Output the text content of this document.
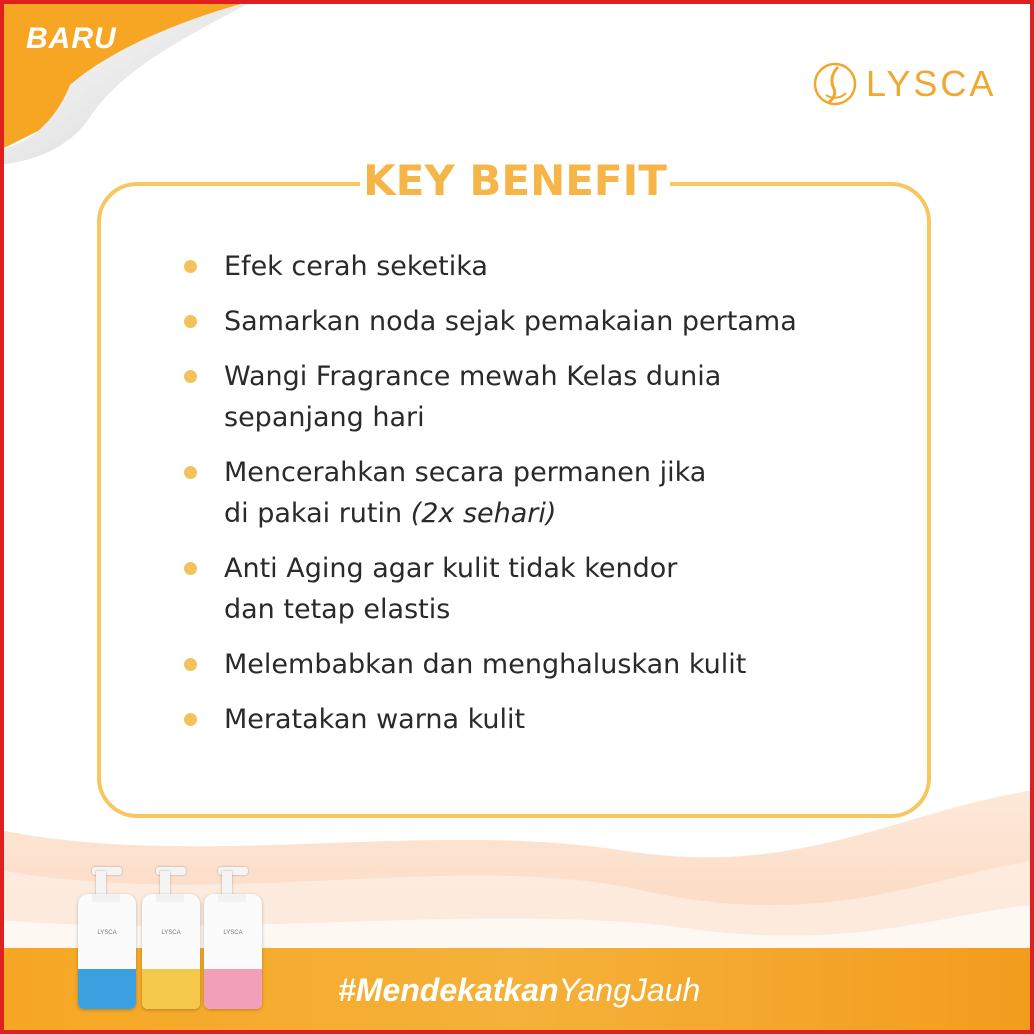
BARU
LYSCA
KEY BENEFIT
Efek cerah seketika
Samarkan noda sejak pemakaian pertama
Wangi Fragrance mewah Kelas dunia
sepanjang hari
Mencerahkan secara permanen jika
di pakai rutin (2x sehari)
Anti Aging agar kulit tidak kendor
dan tetap elastis
Melembabkan dan menghaluskan kulit
Meratakan warna kulit
LYSCA	LYSCA	LYSCA
#MendekatkanYangJauh
